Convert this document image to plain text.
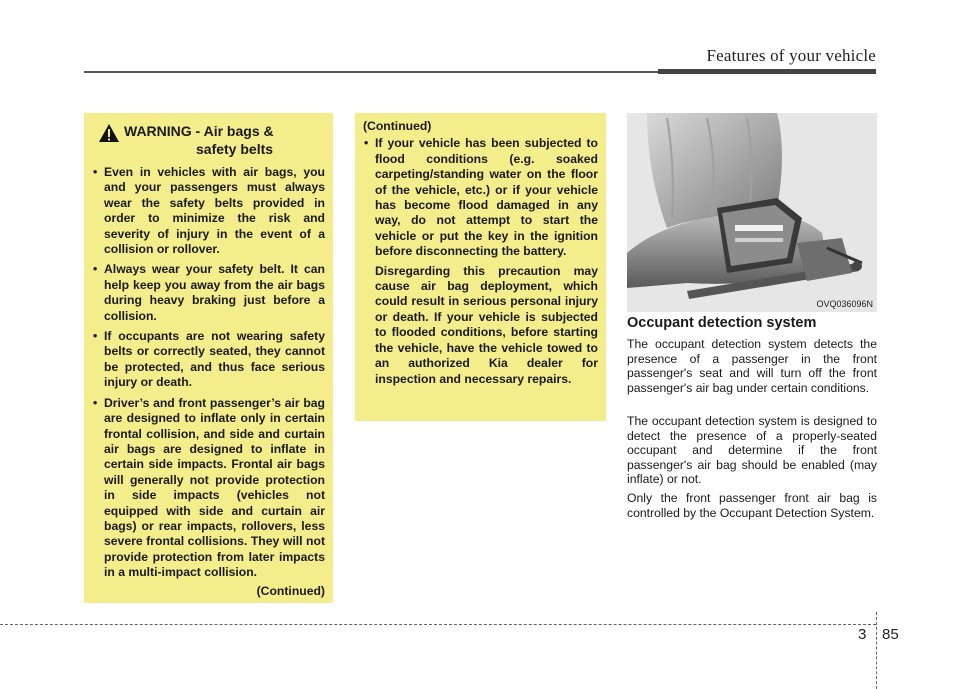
Features of your vehicle
WARNING - Air bags &
safety belts
• Even in vehicles with air bags, you and your passengers must always wear the safety belts provided in order to minimize the risk and severity of injury in the event of a collision or rollover.
• Always wear your safety belt. It can help keep you away from the air bags during heavy braking just before a collision.
• If occupants are not wearing safety belts or correctly seated, they cannot be protected, and thus face serious injury or death.
• Driver’s and front passenger’s air bag are designed to inflate only in certain frontal collision, and side and curtain air bags are designed to inflate in certain side impacts. Frontal air bags will generally not provide protection in side impacts (vehicles not equipped with side and curtain air bags) or rear impacts, rollovers, less severe frontal collisions. They will not provide protection from later impacts in a multi-impact collision.
(Continued)
(Continued)
• If your vehicle has been subjected to flood conditions (e.g. soaked carpeting/standing water on the floor of the vehicle, etc.) or if your vehicle has become flood damaged in any way, do not attempt to start the vehicle or put the key in the ignition before disconnecting the battery.
Disregarding this precaution may cause air bag deployment, which could result in serious personal injury or death. If your vehicle is subjected to flooded conditions, before starting the vehicle, have the vehicle towed to an authorized Kia dealer for inspection and necessary repairs.
OVQ036096N
Occupant detection system
The occupant detection system detects the presence of a passenger in the front passenger's seat and will turn off the front passenger's air bag under certain conditions.
The occupant detection system is designed to detect the presence of a properly-seated occupant and determine if the front passenger's air bag should be enabled (may inflate) or not.
Only the front passenger front air bag is controlled by the Occupant Detection System.
3 85
